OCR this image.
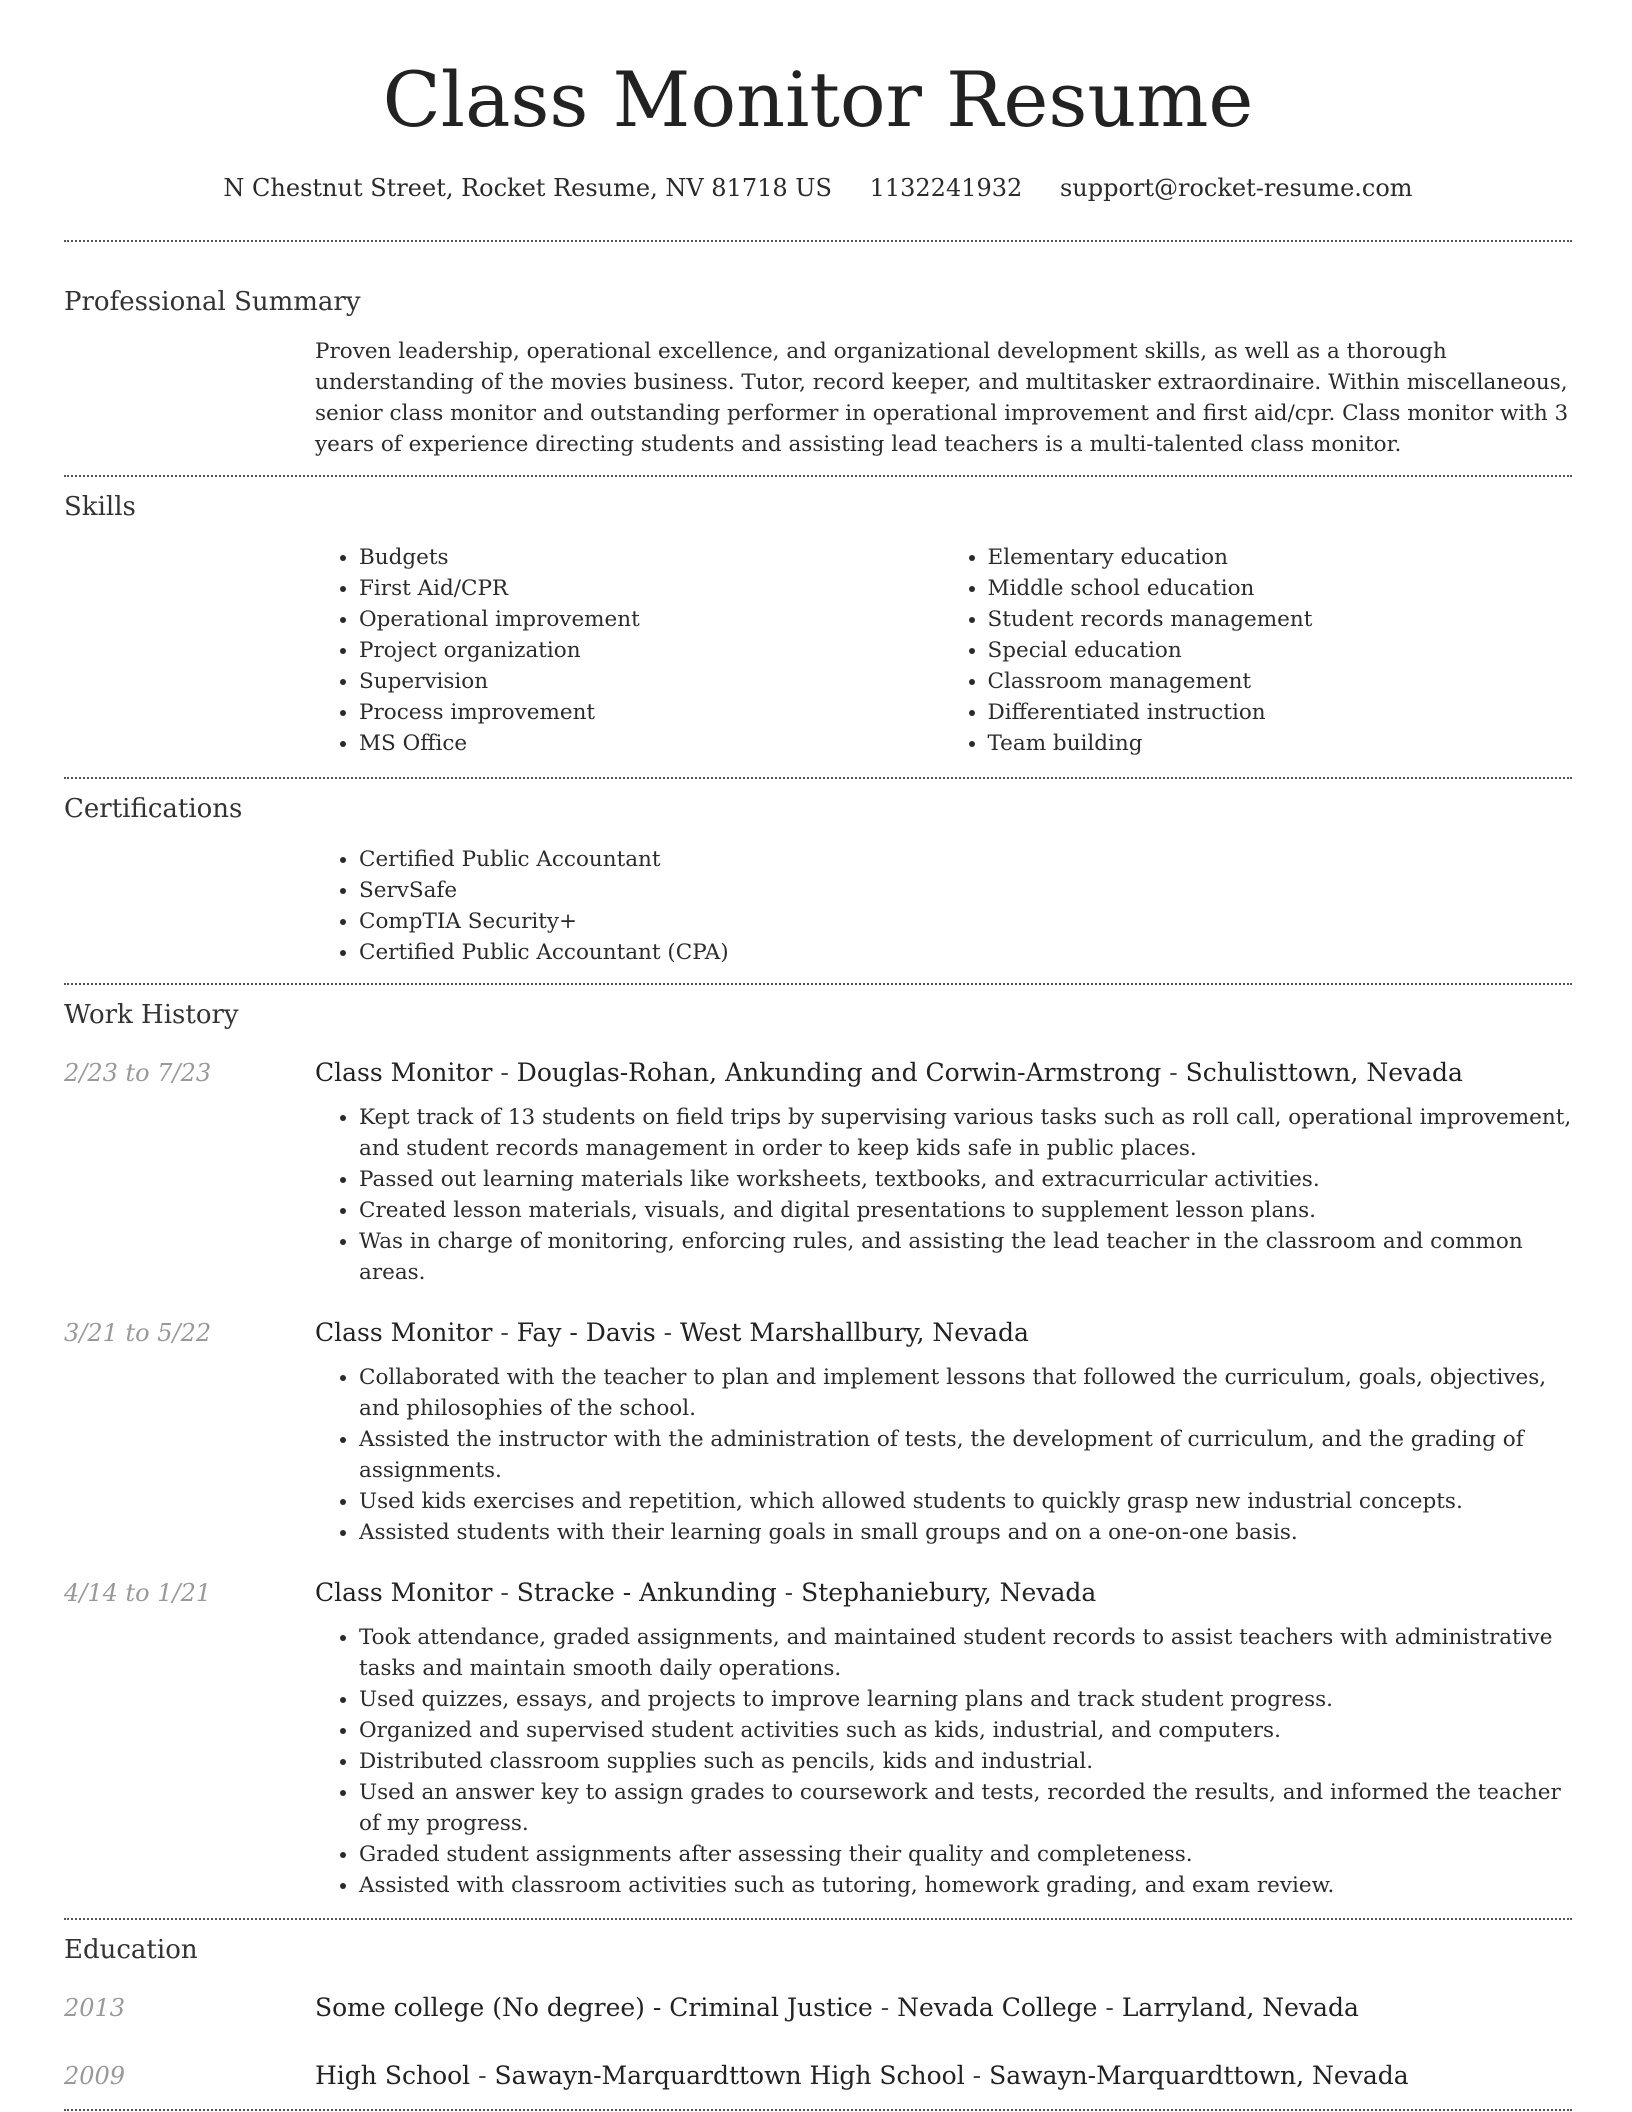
Class Monitor Resume
N Chestnut Street, Rocket Resume, NV 81718 US 1132241932 support@rocket-resume.com
Professional Summary
Proven leadership, operational excellence, and organizational development skills, as well as a thorough understanding of the movies business. Tutor, record keeper, and multitasker extraordinaire. Within miscellaneous, senior class monitor and outstanding performer in operational improvement and first aid/cpr. Class monitor with 3 years of experience directing students and assisting lead teachers is a multi-talented class monitor.
Skills
• Budgets
• First Aid/CPR
• Operational improvement
• Project organization
• Supervision
• Process improvement
• MS Office
• Elementary education
• Middle school education
• Student records management
• Special education
• Classroom management
• Differentiated instruction
• Team building
Certifications
• Certified Public Accountant
• ServSafe
• CompTIA Security+
• Certified Public Accountant (CPA)
Work History
2/23 to 7/23	Class Monitor - Douglas-Rohan, Ankunding and Corwin-Armstrong - Schulisttown, Nevada
• Kept track of 13 students on field trips by supervising various tasks such as roll call, operational improvement, and student records management in order to keep kids safe in public places.
• Passed out learning materials like worksheets, textbooks, and extracurricular activities.
• Created lesson materials, visuals, and digital presentations to supplement lesson plans.
• Was in charge of monitoring, enforcing rules, and assisting the lead teacher in the classroom and common areas.
3/21 to 5/22	Class Monitor - Fay - Davis - West Marshallbury, Nevada
• Collaborated with the teacher to plan and implement lessons that followed the curriculum, goals, objectives, and philosophies of the school.
• Assisted the instructor with the administration of tests, the development of curriculum, and the grading of assignments.
• Used kids exercises and repetition, which allowed students to quickly grasp new industrial concepts.
• Assisted students with their learning goals in small groups and on a one-on-one basis.
4/14 to 1/21	Class Monitor - Stracke - Ankunding - Stephaniebury, Nevada
• Took attendance, graded assignments, and maintained student records to assist teachers with administrative tasks and maintain smooth daily operations.
• Used quizzes, essays, and projects to improve learning plans and track student progress.
• Organized and supervised student activities such as kids, industrial, and computers.
• Distributed classroom supplies such as pencils, kids and industrial.
• Used an answer key to assign grades to coursework and tests, recorded the results, and informed the teacher of my progress.
• Graded student assignments after assessing their quality and completeness.
• Assisted with classroom activities such as tutoring, homework grading, and exam review.
Education
2013	Some college (No degree) - Criminal Justice - Nevada College - Larryland, Nevada
2009	High School - Sawayn-Marquardttown High School - Sawayn-Marquardttown, Nevada
